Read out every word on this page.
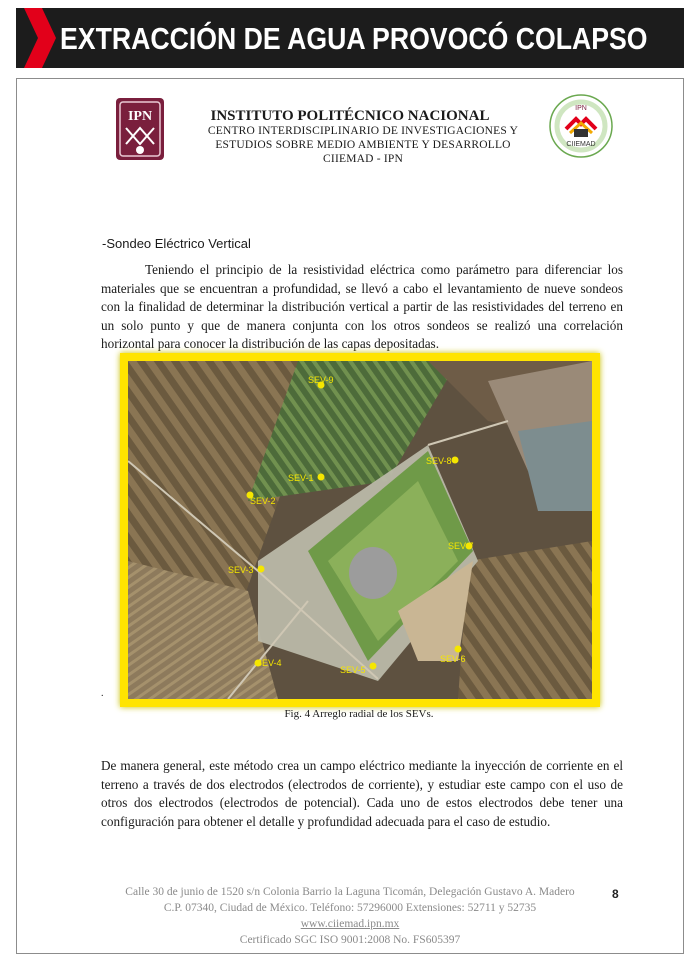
EXTRACCIÓN DE AGUA PROVOCÓ COLAPSO
IPN	INSTITUTO POLITÉCNICO NACIONAL
CENTRO INTERDISCIPLINARIO DE INVESTIGACIONES Y
ESTUDIOS SOBRE MEDIO AMBIENTE Y DESARROLLO
CIIEMAD - IPN
IPN
CIIEMAD
-Sondeo Eléctrico Vertical
Teniendo el principio de la resistividad eléctrica como parámetro para diferenciar los materiales que se encuentran a profundidad, se llevó a cabo el levantamiento de nueve sondeos con la finalidad de determinar la distribución vertical a partir de las resistividades del terreno en un solo punto y que de manera conjunta con los otros sondeos se realizó una correlación horizontal para conocer la distribución de las capas depositadas.
SEV-9
SEV-1
SEV-2
SEV-3
SEV-4
SEV-5
SEV-6
SEV-7
SEV-8
.
Fig. 4 Arreglo radial de los SEVs.
De manera general, este método crea un campo eléctrico mediante la inyección de corriente en el terreno a través de dos electrodos (electrodos de corriente), y estudiar este campo con el uso de otros dos electrodos (electrodos de potencial). Cada uno de estos electrodos debe tener una configuración para obtener el detalle y profundidad adecuada para el caso de estudio.
Calle 30 de junio de 1520 s/n Colonia Barrio la Laguna Ticomán, Delegación Gustavo A. Madero
C.P. 07340, Ciudad de México. Teléfono: 57296000 Extensiones: 52711 y 52735
www.ciiemad.ipn.mx
Certificado SGC ISO 9001:2008 No. FS605397
8
